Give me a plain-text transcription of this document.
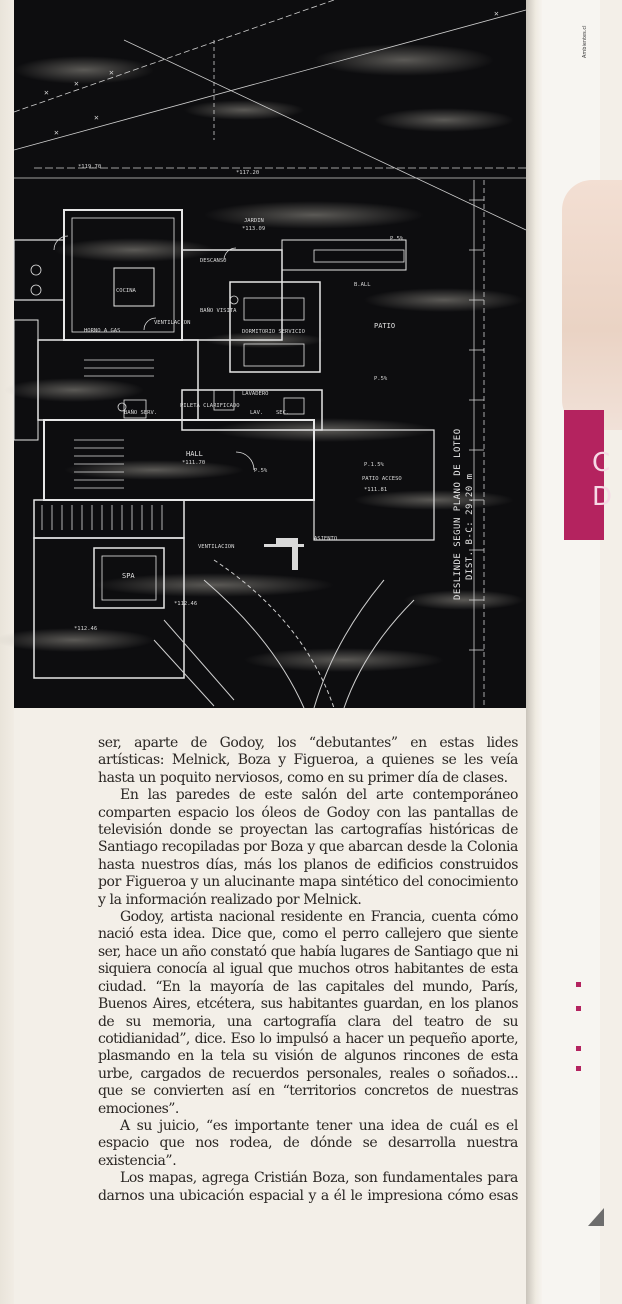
✕
✕
✕
✕
✕
✕
JARDIN
*113.09
COCINA
DESCANSO
BAÑO VISITA
DORMITORIO SERVICIO
HORNO A GAS
VENTILACION	PATIO
LAVADERO
PILETA CLARIFICADO
LAV. SEC.
BAÑO SERV.
HALL
*111.70
PATIO ACCESO
*111.81
SPA
*112.46
VENTILACION
ASIENTO
*119.70
*117.20
*112.46
P.5%
P.1.5%
P.5%
P.5%
B.ALL
DESLINDE SEGUN PLANO DE LOTEO DIST. B-C: 29.20 m
Ambientes.cl
C
D

ser, aparte de Godoy, los “debutantes” en estas lides artísticas: Melnick, Boza y Figueroa, a quienes se les veía hasta un poquito nerviosos, como en su primer día de clases.

En las paredes de este salón del arte contemporáneo comparten espacio los óleos de Godoy con las pantallas de televisión donde se proyectan las cartografías históricas de Santiago recopiladas por Boza y que abarcan desde la Colonia hasta nuestros días, más los planos de edificios construidos por Figueroa y un alucinante mapa sintético del conocimiento y la información realizado por Melnick.

Godoy, artista nacional residente en Francia, cuenta cómo nació esta idea. Dice que, como el perro callejero que siente ser, hace un año constató que había lugares de Santiago que ni siquiera conocía al igual que muchos otros habitantes de esta ciudad. “En la mayoría de las capitales del mundo, París, Buenos Aires, etcétera, sus habitantes guardan, en los planos de su memoria, una cartografía clara del teatro de su cotidianidad”, dice. Eso lo impulsó a hacer un pequeño aporte, plasmando en la tela su visión de algunos rincones de esta urbe, cargados de recuerdos personales, reales o soñados... que se convierten así en “territorios concretos de nuestras emociones”.

A su juicio, “es importante tener una idea de cuál es el espacio que nos rodea, de dónde se desarrolla nuestra existencia”.

Los mapas, agrega Cristián Boza, son fundamentales para darnos una ubicación espacial y a él le impresiona cómo esas
